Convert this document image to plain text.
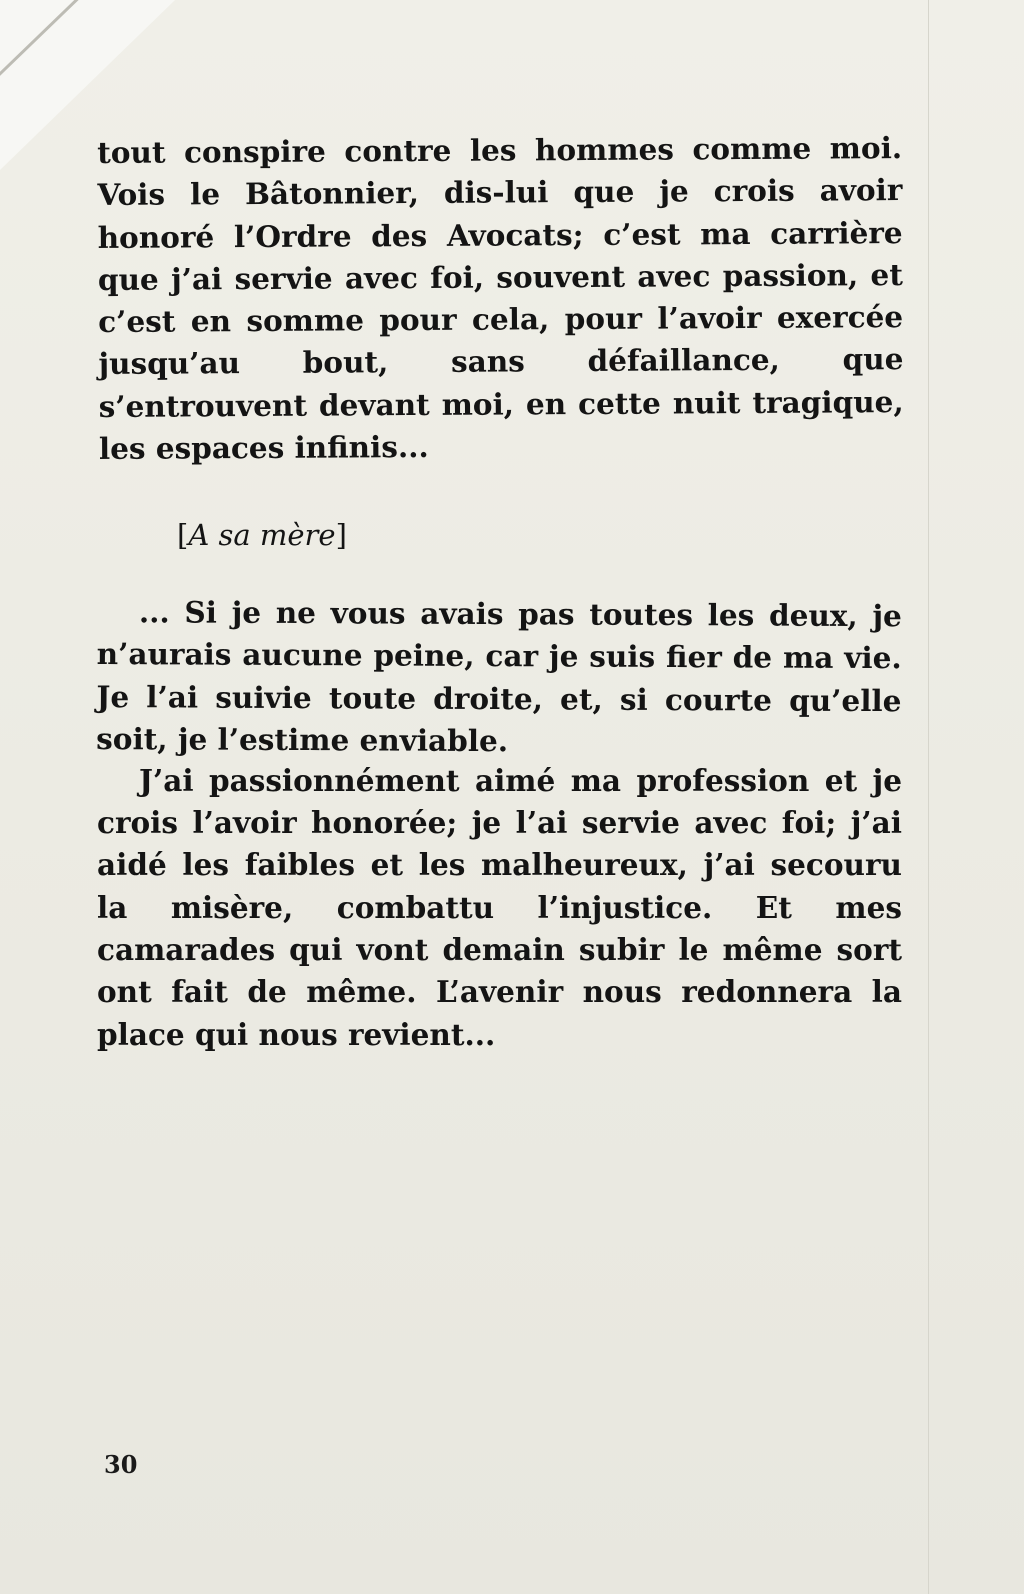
tout conspire contre les hommes comme moi. Vois le Bâtonnier, dis-lui que je crois avoir honoré l’Ordre des Avocats; c’est ma carrière que j’ai servie avec foi, souvent avec passion, et c’est en somme pour cela, pour l’avoir exercée jusqu’au bout, sans défaillance, que s’entrouvent devant moi, en cette nuit tragique, les espaces infinis...

[A sa mère]

... Si je ne vous avais pas toutes les deux, je n’aurais aucune peine, car je suis fier de ma vie. Je l’ai suivie toute droite, et, si courte qu’elle soit, je l’estime enviable.

J’ai passionnément aimé ma profession et je crois l’avoir honorée; je l’ai servie avec foi; j’ai aidé les faibles et les malheureux, j’ai secouru la misère, combattu l’injustice. Et mes camarades qui vont demain subir le même sort ont fait de même. L’avenir nous redonnera la place qui nous revient...

30
